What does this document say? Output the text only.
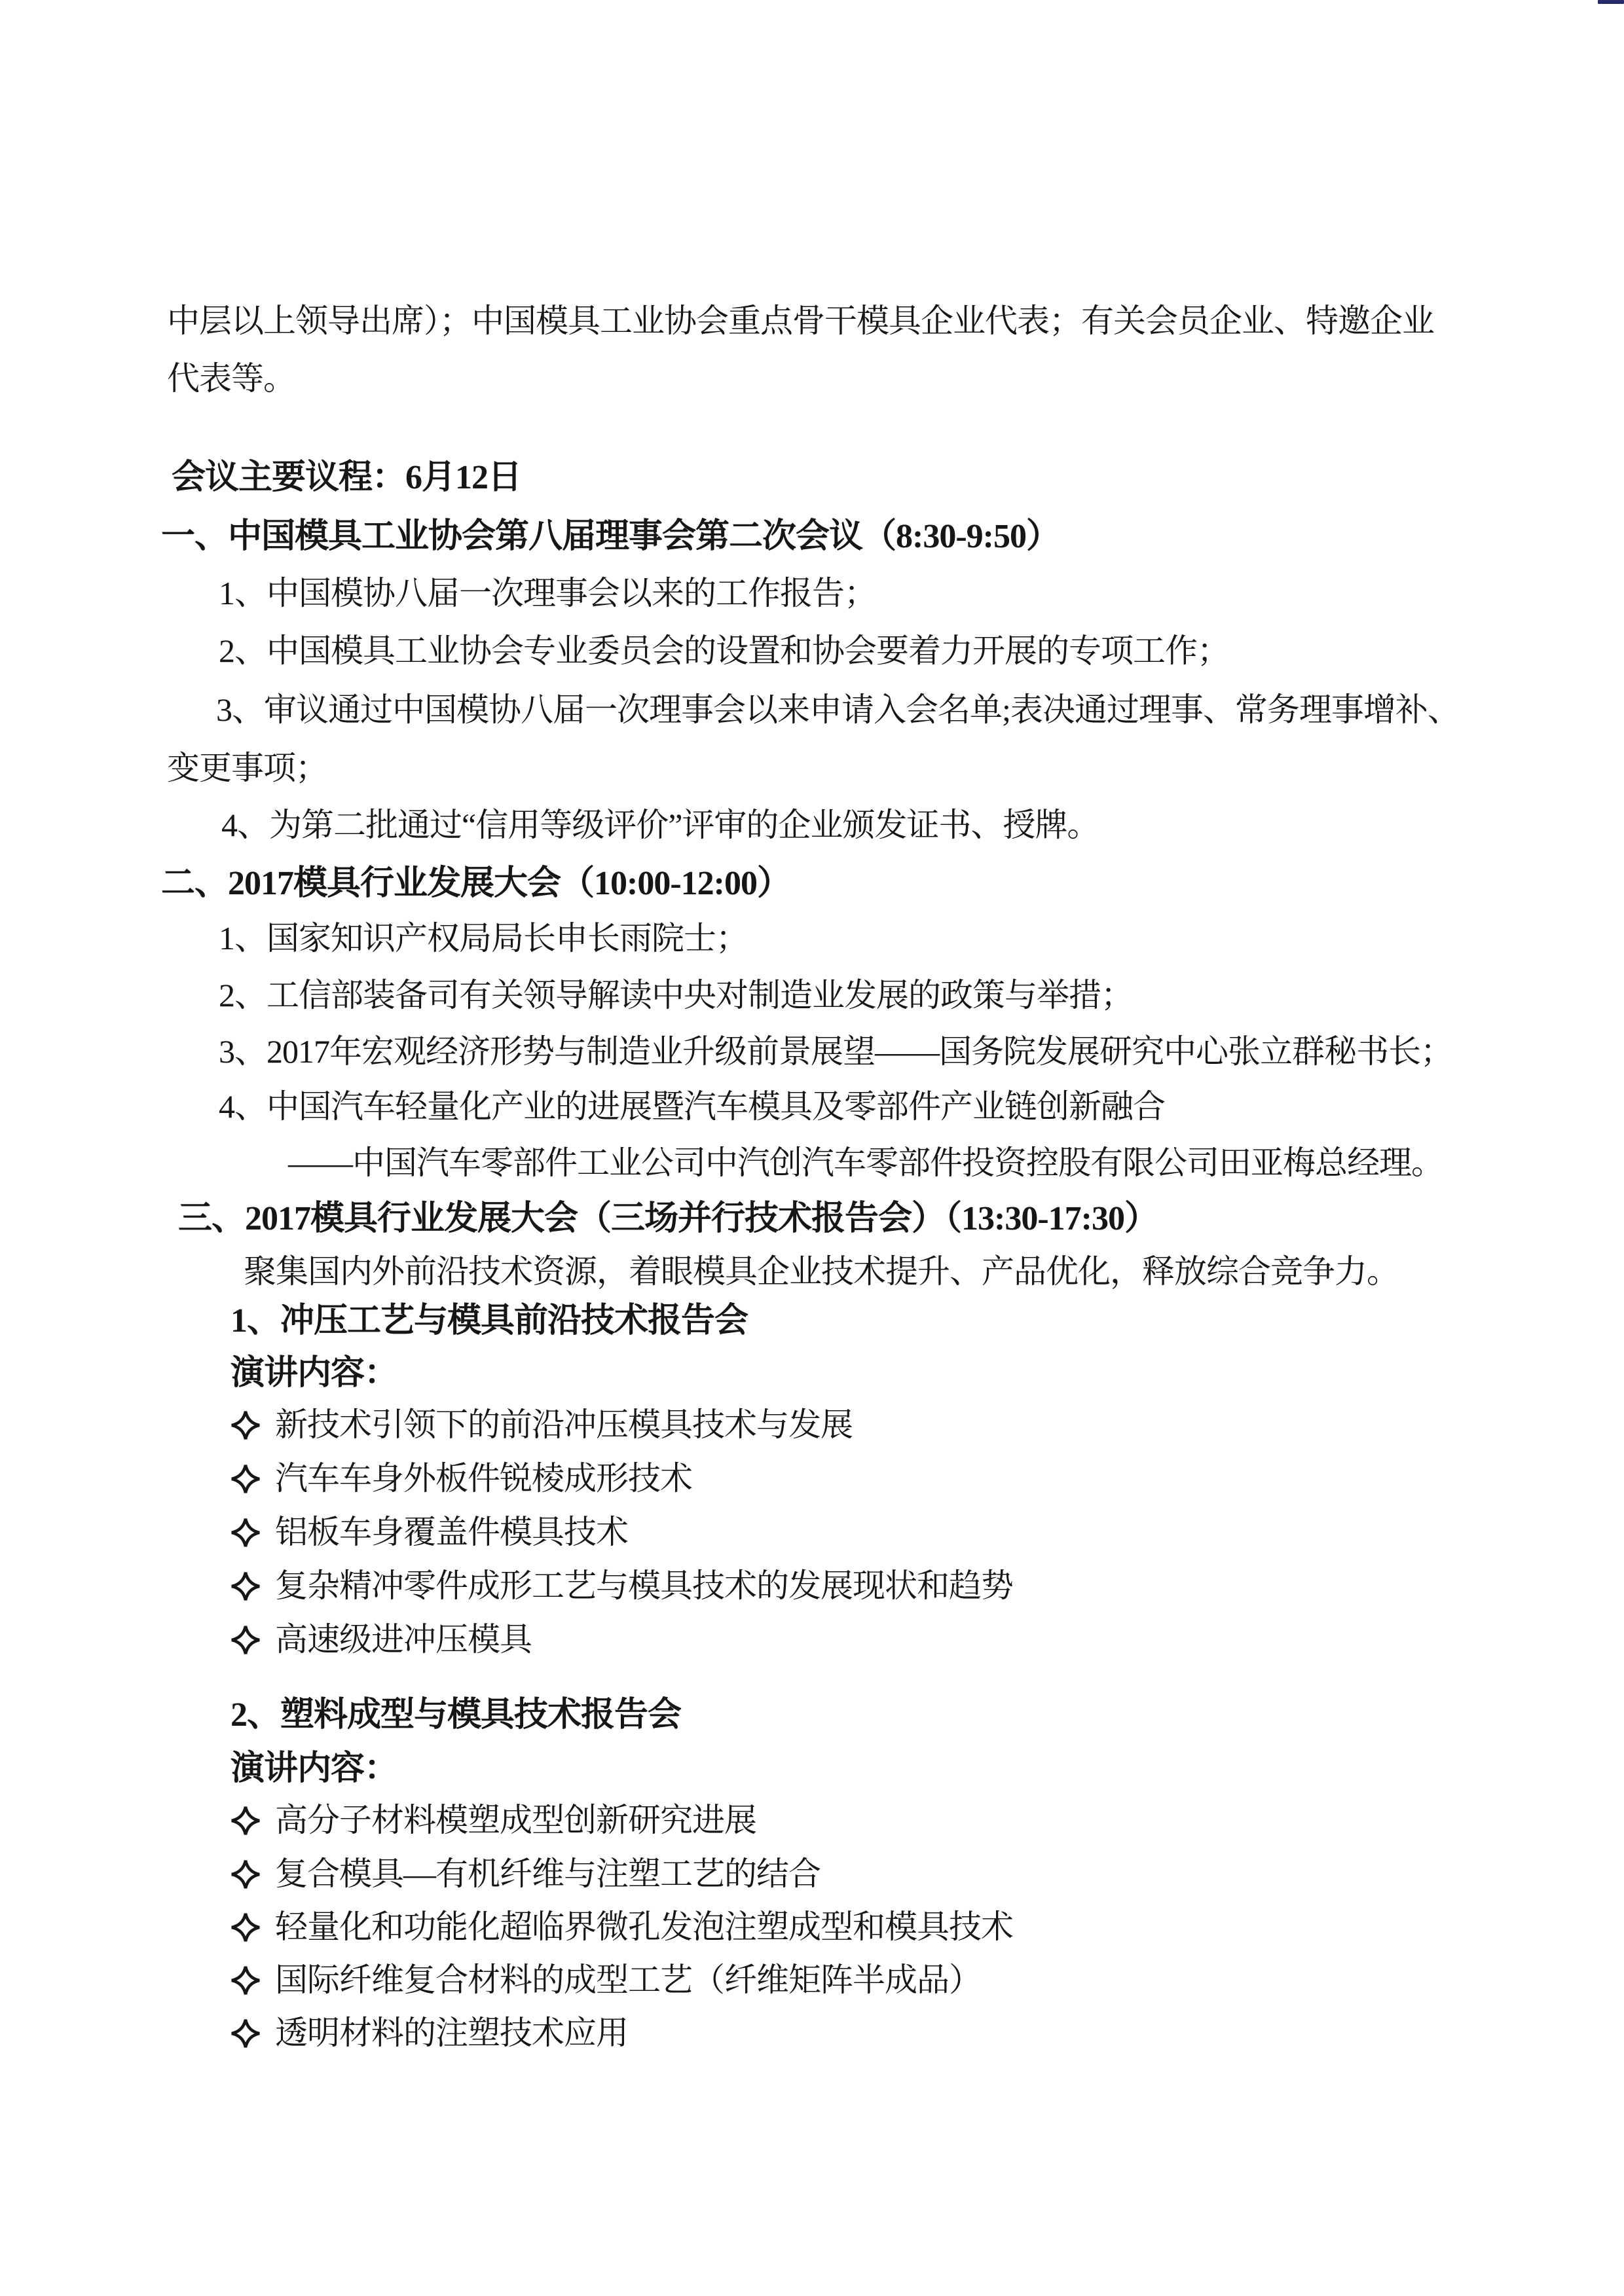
中层以上领导出席）；中国模具工业协会重点骨干模具企业代表；有关会员企业、特邀企业
代表等。
会议主要议程：6月12日
一、中国模具工业协会第八届理事会第二次会议（8:30-9:50）
1、中国模协八届一次理事会以来的工作报告；
2、中国模具工业协会专业委员会的设置和协会要着力开展的专项工作；
3、审议通过中国模协八届一次理事会以来申请入会名单;表决通过理事、常务理事增补、
变更事项；
4、为第二批通过“信用等级评价”评审的企业颁发证书、授牌。
二、2017模具行业发展大会（10:00-12:00）
1、国家知识产权局局长申长雨院士；
2、工信部装备司有关领导解读中央对制造业发展的政策与举措；
3、2017年宏观经济形势与制造业升级前景展望——国务院发展研究中心张立群秘书长；
4、中国汽车轻量化产业的进展暨汽车模具及零部件产业链创新融合
——中国汽车零部件工业公司中汽创汽车零部件投资控股有限公司田亚梅总经理。
三、2017模具行业发展大会（三场并行技术报告会）（13:30-17:30）
聚集国内外前沿技术资源，着眼模具企业技术提升、产品优化，释放综合竞争力。
1、冲压工艺与模具前沿技术报告会
演讲内容：
新技术引领下的前沿冲压模具技术与发展
汽车车身外板件锐棱成形技术
铝板车身覆盖件模具技术
复杂精冲零件成形工艺与模具技术的发展现状和趋势
高速级进冲压模具
2、塑料成型与模具技术报告会
演讲内容：
高分子材料模塑成型创新研究进展
复合模具—有机纤维与注塑工艺的结合
轻量化和功能化超临界微孔发泡注塑成型和模具技术
国际纤维复合材料的成型工艺（纤维矩阵半成品）
透明材料的注塑技术应用
